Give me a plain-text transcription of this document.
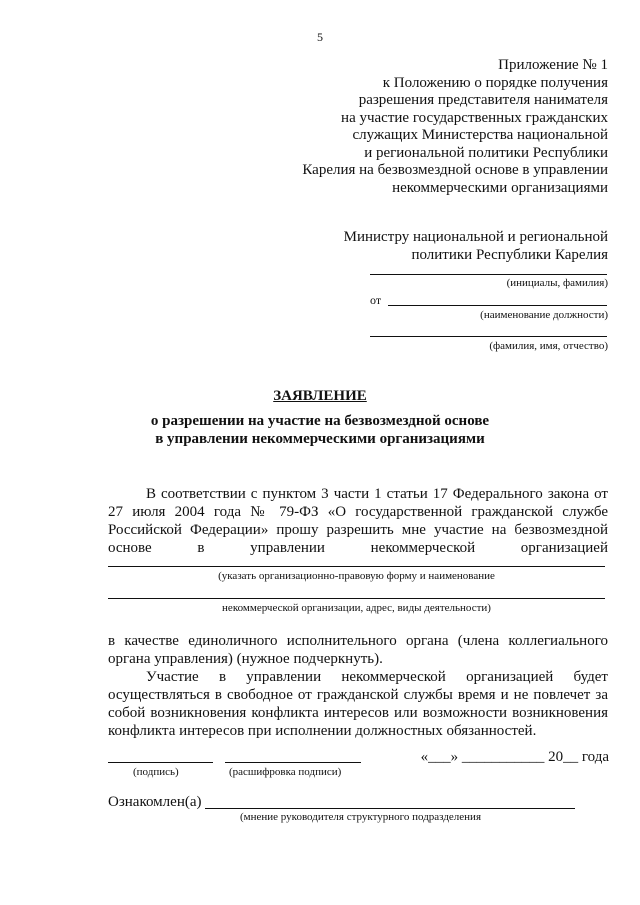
5
Приложение № 1
к Положению о порядке получения
разрешения представителя нанимателя
на участие государственных гражданских
служащих Министерства национальной
и региональной политики Республики
Карелия на безвозмездной основе в управлении
некоммерческими организациями
Министру национальной и региональной
политики Республики Карелия
(инициалы, фамилия)
от
(наименование должности)
(фамилия, имя, отчество)
ЗАЯВЛЕНИЕ
о разрешении на участие на безвозмездной основе
в управлении некоммерческими организациями
В соответствии с пунктом 3 части 1 статьи 17 Федерального закона от
27 июля 2004 года № 79-ФЗ «О государственной гражданской службе
Российской Федерации» прошу разрешить мне участие на безвозмездной
основе в управлении некоммерческой организацией
(указать организационно-правовую форму и наименование
некоммерческой организации, адрес, виды деятельности)
в качестве единоличного исполнительного органа (члена коллегиального
органа управления) (нужное подчеркнуть).
Участие в управлении некоммерческой организацией будет
осуществляться в свободное от гражданской службы время и не повлечет за
собой возникновения конфликта интересов или возможности возникновения
конфликта интересов при исполнении должностных обязанностей.
«___» ___________ 20__ года
(подпись)	(расшифровка подписи)
Ознакомлен(а)
(мнение руководителя структурного подразделения
